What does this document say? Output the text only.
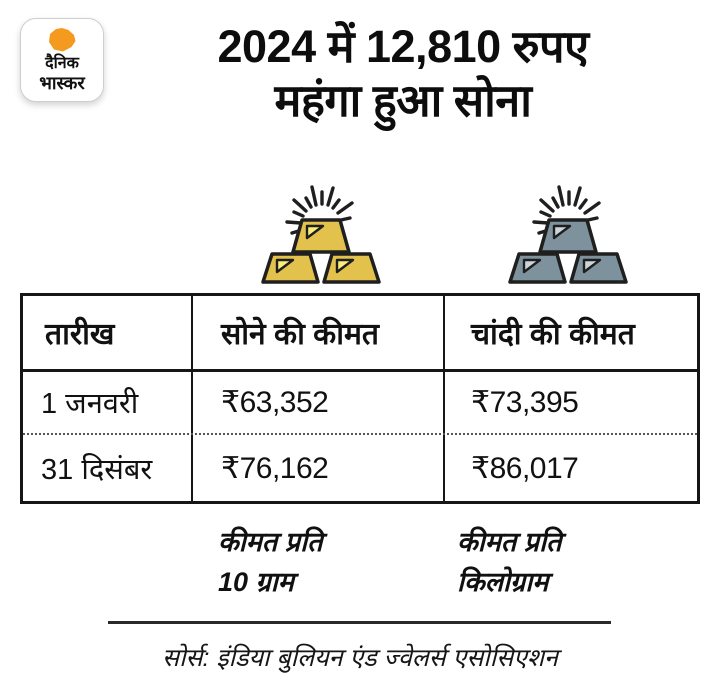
दैनिक
भास्कर
2024 में 12,810 रुपए
महंगा हुआ सोना
तारीख	सोने की कीमत	चांदी की कीमत
1 जनवरी	₹63,352	₹73,395
31 दिसंबर	₹76,162	₹86,017
कीमत प्रति
10 ग्राम
कीमत प्रति
किलोग्राम
सोर्स: इंडिया बुलियन एंड ज्वेलर्स एसोसिएशन
